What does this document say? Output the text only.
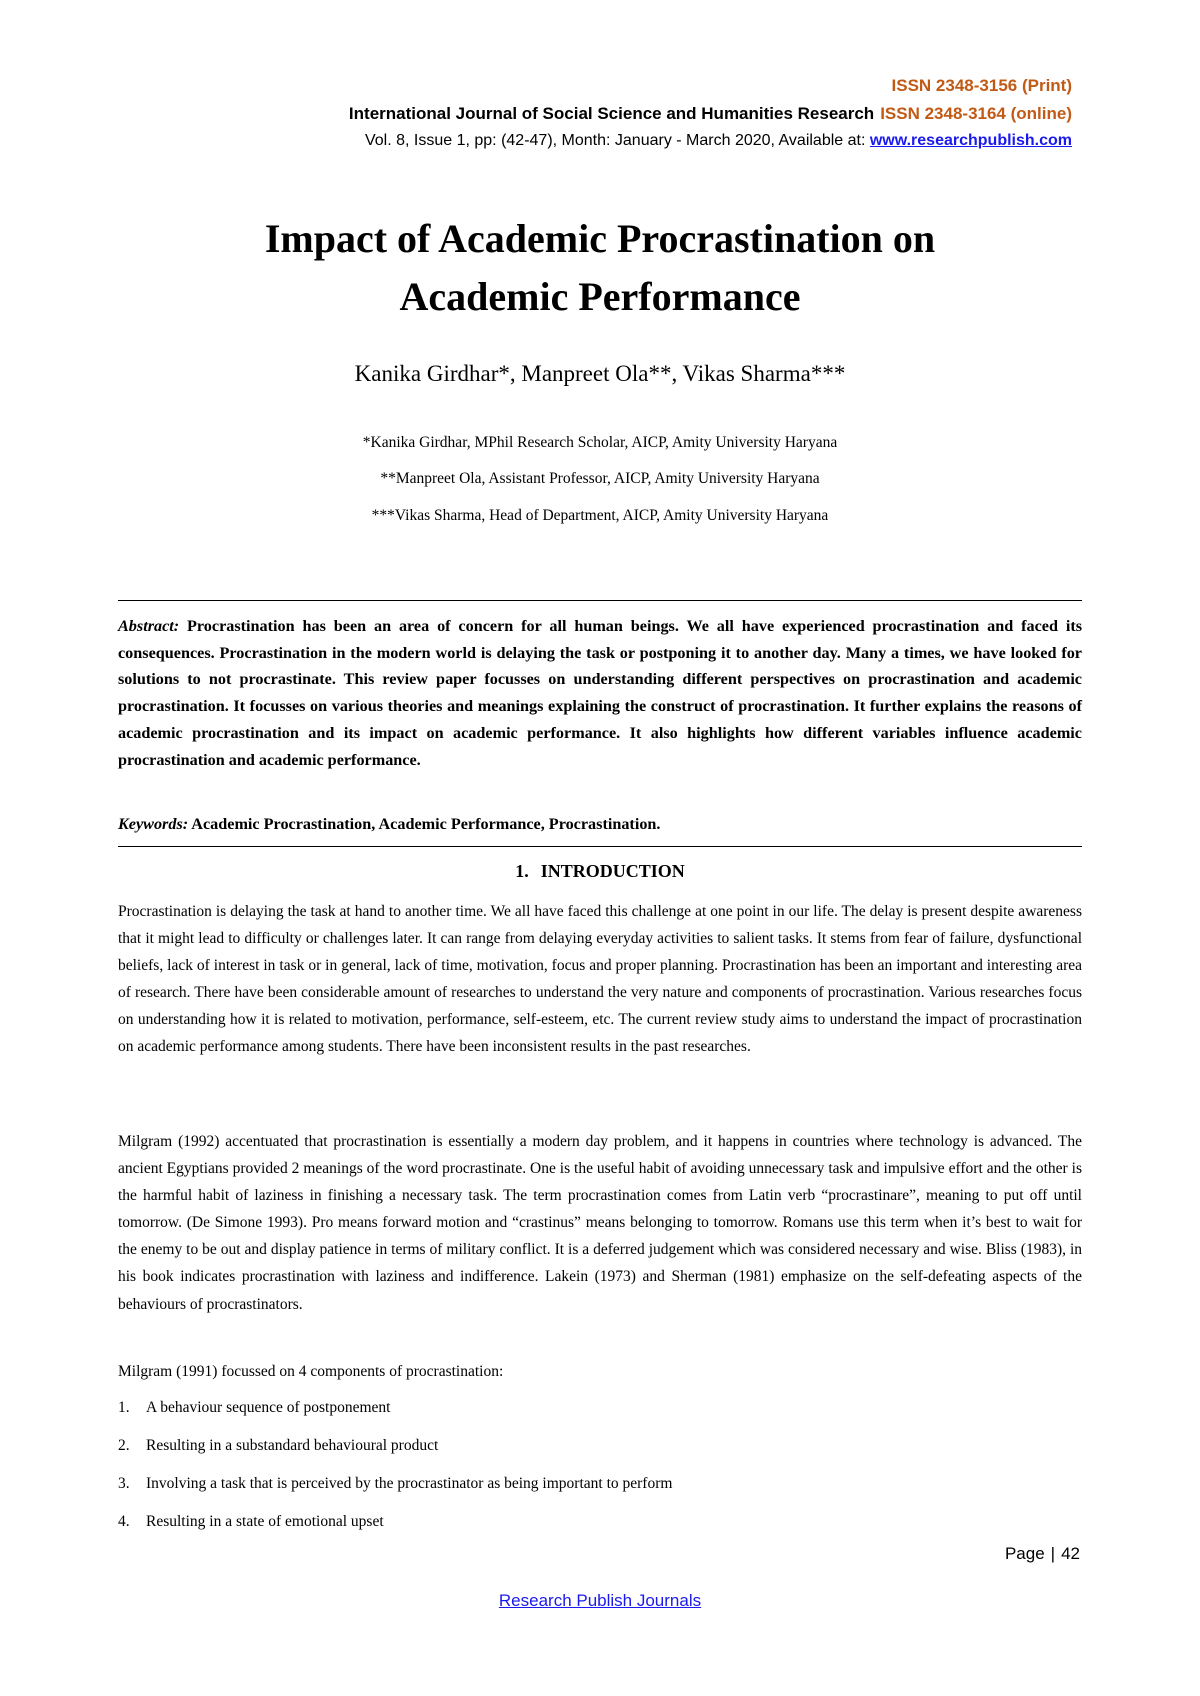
ISSN 2348-3156 (Print)
International Journal of Social Science and Humanities Research ISSN 2348-3164 (online)
Vol. 8, Issue 1, pp: (42-47), Month: January - March 2020, Available at: www.researchpublish.com
Impact of Academic Procrastination on
Academic Performance
Kanika Girdhar*, Manpreet Ola**, Vikas Sharma***
*Kanika Girdhar, MPhil Research Scholar, AICP, Amity University Haryana
**Manpreet Ola, Assistant Professor, AICP, Amity University Haryana
***Vikas Sharma, Head of Department, AICP, Amity University Haryana
Abstract: Procrastination has been an area of concern for all human beings. We all have experienced procrastination and faced its consequences. Procrastination in the modern world is delaying the task or postponing it to another day. Many a times, we have looked for solutions to not procrastinate. This review paper focusses on understanding different perspectives on procrastination and academic procrastination. It focusses on various theories and meanings explaining the construct of procrastination. It further explains the reasons of academic procrastination and its impact on academic performance. It also highlights how different variables influence academic procrastination and academic performance.
Keywords: Academic Procrastination, Academic Performance, Procrastination.
1. INTRODUCTION
Procrastination is delaying the task at hand to another time. We all have faced this challenge at one point in our life. The delay is present despite awareness that it might lead to difficulty or challenges later. It can range from delaying everyday activities to salient tasks. It stems from fear of failure, dysfunctional beliefs, lack of interest in task or in general, lack of time, motivation, focus and proper planning. Procrastination has been an important and interesting area of research. There have been considerable amount of researches to understand the very nature and components of procrastination. Various researches focus on understanding how it is related to motivation, performance, self-esteem, etc. The current review study aims to understand the impact of procrastination on academic performance among students. There have been inconsistent results in the past researches.
Milgram (1992) accentuated that procrastination is essentially a modern day problem, and it happens in countries where technology is advanced. The ancient Egyptians provided 2 meanings of the word procrastinate. One is the useful habit of avoiding unnecessary task and impulsive effort and the other is the harmful habit of laziness in finishing a necessary task. The term procrastination comes from Latin verb “procrastinare”, meaning to put off until tomorrow. (De Simone 1993). Pro means forward motion and “crastinus” means belonging to tomorrow. Romans use this term when it’s best to wait for the enemy to be out and display patience in terms of military conflict. It is a deferred judgement which was considered necessary and wise. Bliss (1983), in his book indicates procrastination with laziness and indifference. Lakein (1973) and Sherman (1981) emphasize on the self-defeating aspects of the behaviours of procrastinators.
Milgram (1991) focussed on 4 components of procrastination:
1. A behaviour sequence of postponement
2. Resulting in a substandard behavioural product
3. Involving a task that is perceived by the procrastinator as being important to perform
4. Resulting in a state of emotional upset
Page | 42
Research Publish Journals
